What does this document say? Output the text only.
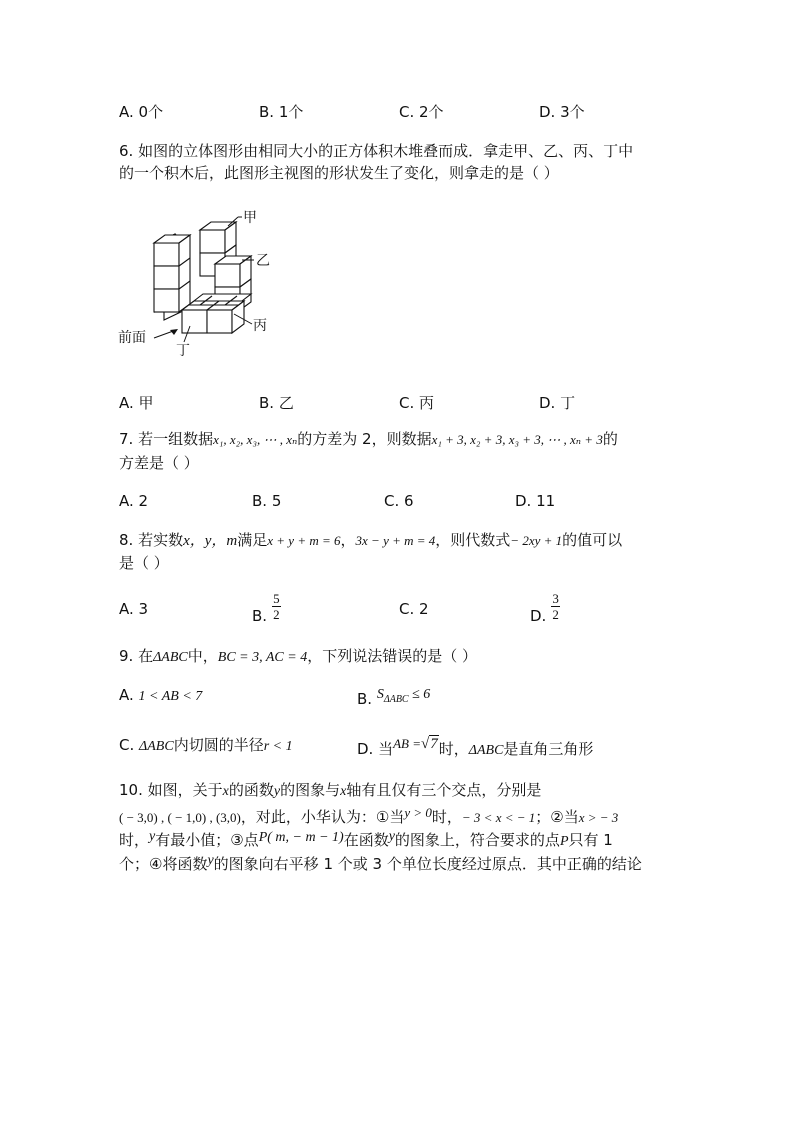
A. 0个	B. 1个	C. 2个	D. 3个
6. 如图的立体图形由相同大小的正方体积木堆叠而成．拿走甲、乙、丙、丁中
的一个积木后，此图形主视图的形状发生了变化，则拿走的是（ ）
甲
乙
丙
丁
前面
A. 甲	B. 乙	C. 丙	D. 丁
7. 若一组数据x₁, x₂, x₃, ⋯ , xₙ的方差为 2，则数据x₁ + 3, x₂ + 3, x₃ + 3, ⋯ , xₙ + 3的
方差是（ ）
A. 2	B. 5	C. 6	D. 11
8. 若实数x，y，m满足x + y + m = 6，3x − y + m = 4，则代数式− 2xy + 1的值可以
是（ ）
A. 3	B. $\frac{5}{2}$	C. 2	D. $\frac{3}{2}$
9. 在ΔABC中，BC = 3, AC = 4，下列说法错误的是（ ）
A. 1 < AB < 7	B. $S_{\Delta ABC} \le 6$
C. ΔABC内切圆的半径r < 1	D. 当AB =√7时，ΔABC是直角三角形
10. 如图，关于x的函数y的图象与x轴有且仅有三个交点，分别是
( − 3,0) , ( − 1,0) , (3,0)，对此，小华认为：①当y > 0时，− 3 < x < − 1；②当x > − 3
时，y有最小值；③点P( m, − m − 1)在函数y的图象上，符合要求的点P只有 1
个；④将函数y的图象向右平移 1 个或 3 个单位长度经过原点．其中正确的结论
